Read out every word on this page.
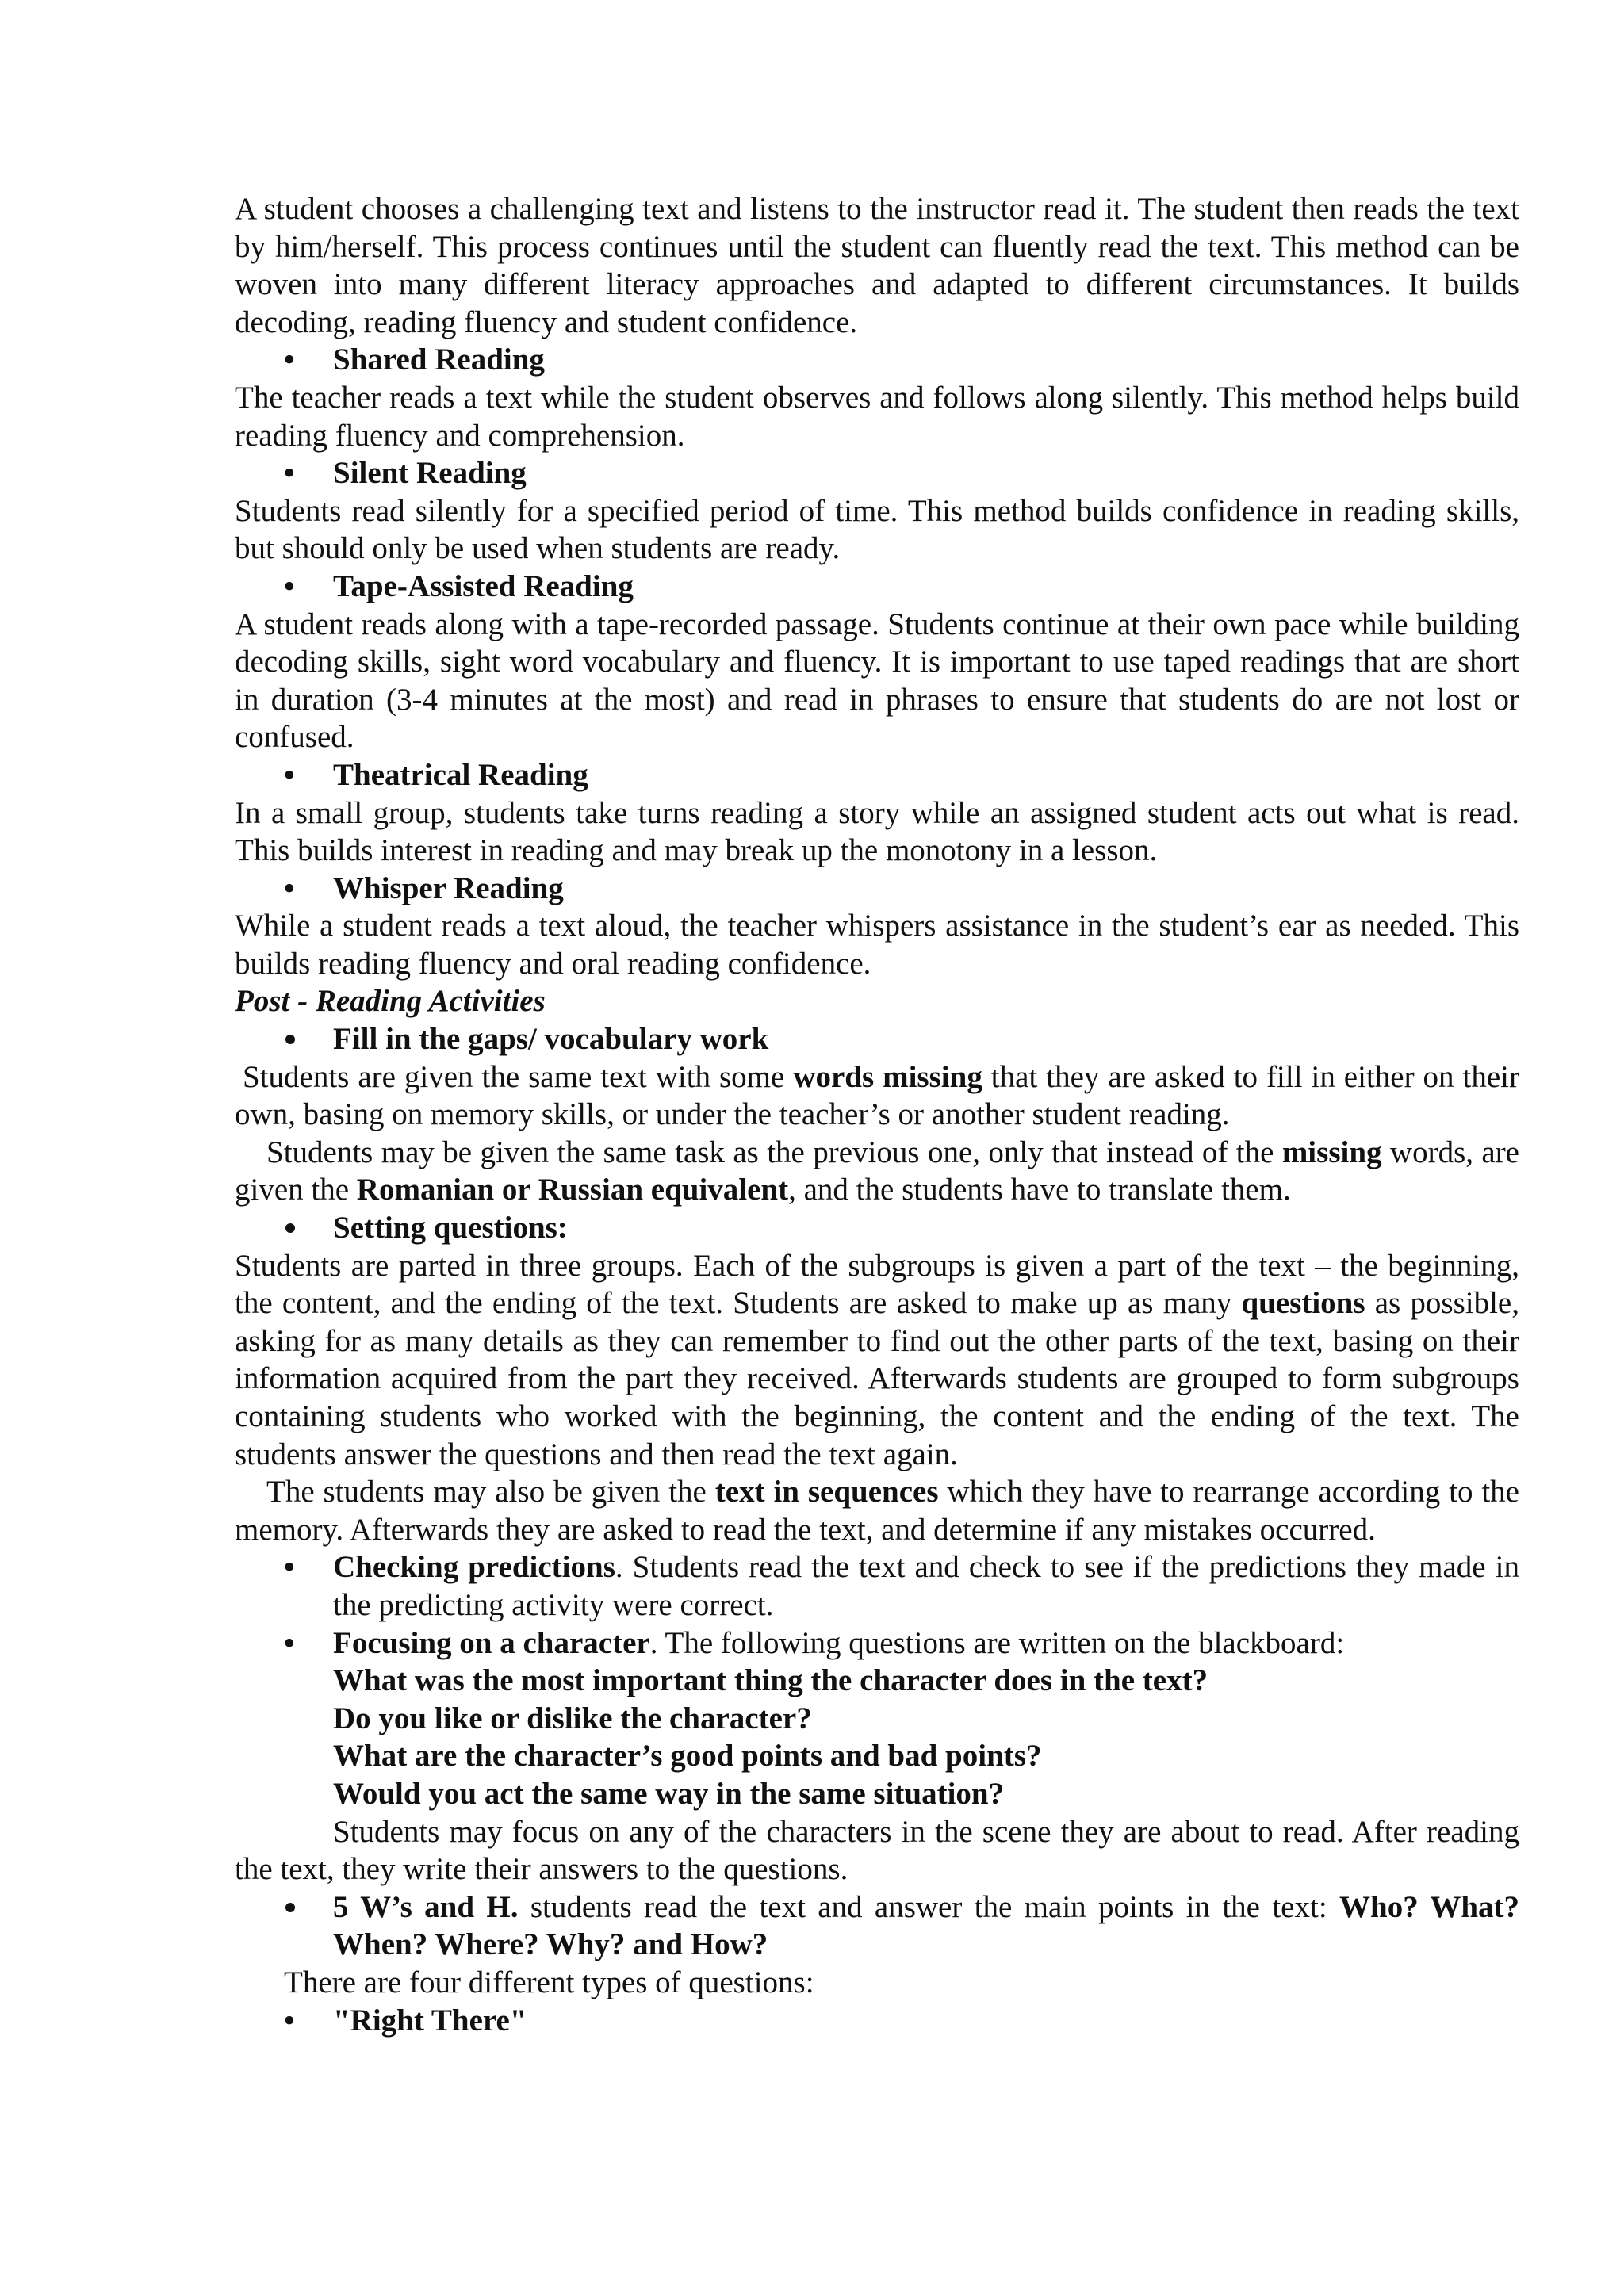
A student chooses a challenging text and listens to the instructor read it. The student then reads the text by him/herself. This process continues until the student can fluently read the text. This method can be woven into many different literacy approaches and adapted to different circumstances. It builds decoding, reading fluency and student confidence.

• Shared Reading

The teacher reads a text while the student observes and follows along silently. This method helps build reading fluency and comprehension.

• Silent Reading

Students read silently for a specified period of time. This method builds confidence in reading skills, but should only be used when students are ready.

• Tape-Assisted Reading

A student reads along with a tape-recorded passage. Students continue at their own pace while building decoding skills, sight word vocabulary and fluency. It is important to use taped readings that are short in duration (3-4 minutes at the most) and read in phrases to ensure that students do are not lost or confused.

• Theatrical Reading

In a small group, students take turns reading a story while an assigned student acts out what is read. This builds interest in reading and may break up the monotony in a lesson.

• Whisper Reading

While a student reads a text aloud, the teacher whispers assistance in the student’s ear as needed. This builds reading fluency and oral reading confidence.

Post - Reading Activities

Fill in the gaps/ vocabulary work

Students are given the same text with some words missing that they are asked to fill in either on their own, basing on memory skills, or under the teacher’s or another student reading.

Students may be given the same task as the previous one, only that instead of the missing words, are given the Romanian or Russian equivalent, and the students have to translate them.

Setting questions:

Students are parted in three groups. Each of the subgroups is given a part of the text – the beginning, the content, and the ending of the text. Students are asked to make up as many questions as possible, asking for as many details as they can remember to find out the other parts of the text, basing on their information acquired from the part they received. Afterwards students are grouped to form subgroups containing students who worked with the beginning, the content and the ending of the text. The students answer the questions and then read the text again.

The students may also be given the text in sequences which they have to rearrange according to the memory. Afterwards they are asked to read the text, and determine if any mistakes occurred.

• Checking predictions. Students read the text and check to see if the predictions they made in the predicting activity were correct.

• Focusing on a character. The following questions are written on the blackboard:

What was the most important thing the character does in the text?

Do you like or dislike the character?

What are the character’s good points and bad points?

Would you act the same way in the same situation?

Students may focus on any of the characters in the scene they are about to read. After reading the text, they write their answers to the questions.

5 W’s and H. students read the text and answer the main points in the text: Who? What? When? Where? Why? and How?

There are four different types of questions:

• "Right There"
